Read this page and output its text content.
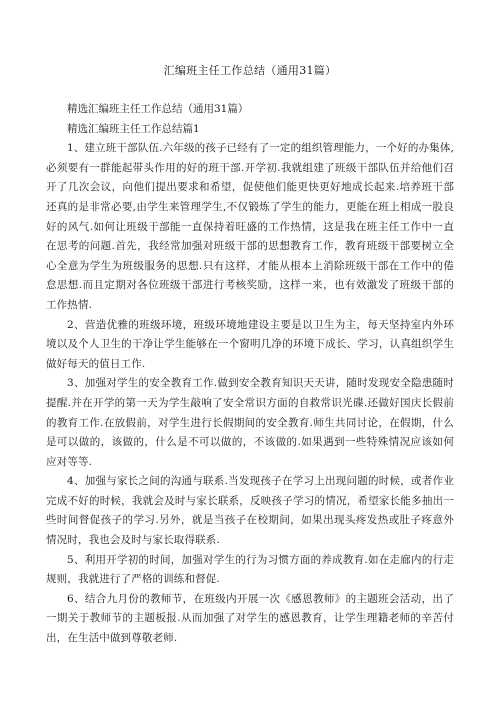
汇编班主任工作总结（通用31篇）

精选汇编班主任工作总结（通用31篇）

精选汇编班主任工作总结篇1

1、建立班干部队伍.六年级的孩子已经有了一定的组织管理能力，一个好的办集体,必须要有一群能起带头作用的好的班干部.开学初.我就组建了班级干部队伍并给他们召开了几次会议，向他们提出要求和希望，促使他们能更快更好地成长起来.培养班干部还真的是非常必要,由学生来管理学生,不仅锻炼了学生的能力，更能在班上相成一股良好的风气.如何让班级干部能一直保持着旺盛的工作热情，这是我在班主任工作中一直在思考的问题.首先，我经常加强对班级干部的思想教育工作，教育班级干部要树立全心全意为学生为班级服务的思想.只有这样，才能从根本上消除班级干部在工作中的倦怠思想.而且定期对各位班级干部进行考核奖励，这样一来，也有效激发了班级干部的工作热情.

2、营造优雅的班级环境，班级环境地建设主要是以卫生为主，每天坚持室内外环境以及个人卫生的干净让学生能够在一个窗明几净的环境下成长、学习，认真组织学生做好每天的值日工作.

3、加强对学生的安全教育工作.做到安全教育知识天天讲，随时发现安全隐患随时提醒.并在开学的第一天为学生敲响了安全常识方面的自救常识光碟.还做好国庆长假前的教育工作.在放假前，对学生进行长假期间的安全教育.师生共同讨论，在假期，什么是可以做的，该做的，什么是不可以做的，不该做的.如果遇到一些特殊情况应该如何应对等等.

4、加强与家长之间的沟通与联系.当发现孩子在学习上出现问题的时候，或者作业完成不好的时候，我就会及时与家长联系，反映孩子学习的情况，希望家长能多抽出一些时间督促孩子的学习.另外，就是当孩子在校期间，如果出现头疼发热或肚子疼意外情况时，我也会及时与家长取得联系.

5、利用开学初的时间，加强对学生的行为习惯方面的养成教育.如在走廊内的行走规则，我就进行了严格的训练和督促.

6、结合九月份的教师节，在班级内开展一次《感恩教师》的主题班会活动，出了一期关于教师节的主题板报.从而加强了对学生的感恩教育，让学生理籍老师的辛苦付出，在生活中做到尊敬老师.
